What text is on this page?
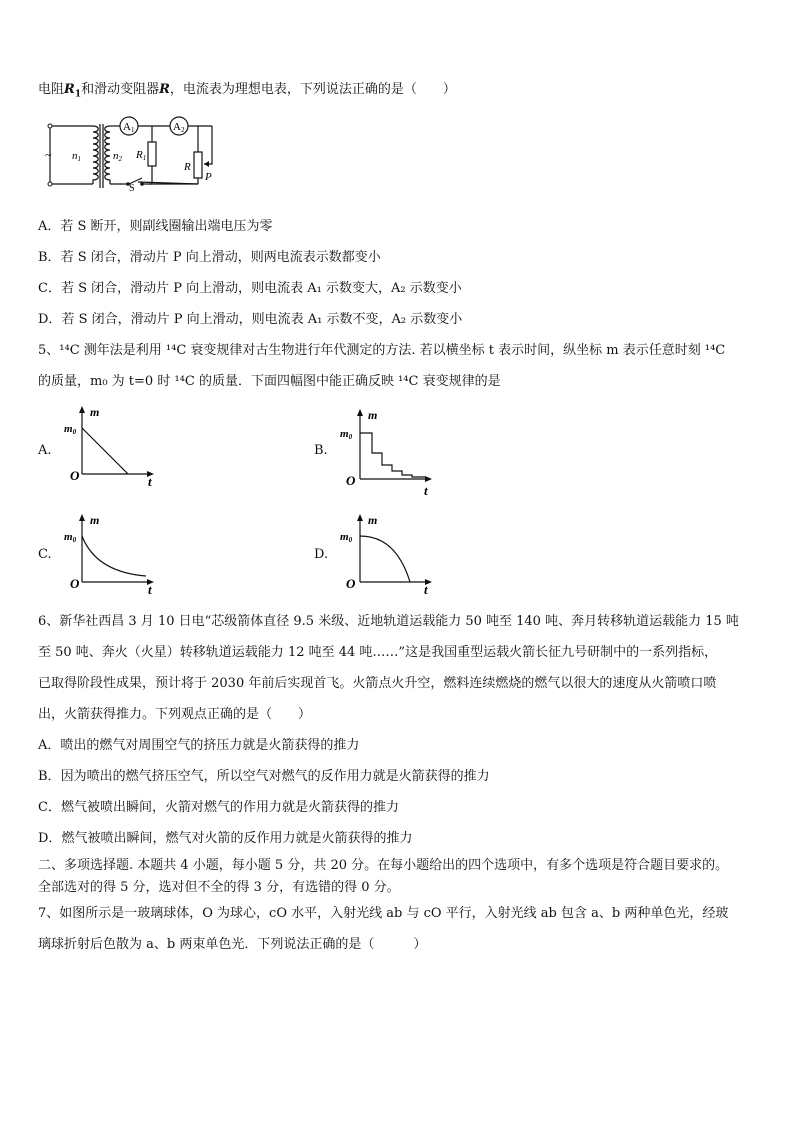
电阻$R_1$和滑动变阻器R，电流表为理想电表，下列说法正确的是（　　）
A1	A2
~ n1	n2 R1
R
P
S
A．若 S 断开，则副线圈输出端电压为零
B．若 S 闭合，滑动片 P 向上滑动，则两电流表示数都变小
C．若 S 闭合，滑动片 P 向上滑动，则电流表 A₁ 示数变大，A₂ 示数变小
D．若 S 闭合，滑动片 P 向上滑动，则电流表 A₁ 示数不变，A₂ 示数变小
5、¹⁴C 测年法是利用 ¹⁴C 衰变规律对古生物进行年代测定的方法. 若以横坐标 t 表示时间，纵坐标 m 表示任意时刻 ¹⁴C
的质量，m₀ 为 t=0 时 ¹⁴C 的质量．下面四幅图中能正确反映 ¹⁴C 衰变规律的是
A.
m
m0
O	t
B.
m
m0
O
t
C.
m
m0
O	t
D.
m
m0
O	t
6、新华社西昌 3 月 10 日电“芯级箭体直径 9.5 米级、近地轨道运载能力 50 吨至 140 吨、奔月转移轨道运载能力 15 吨
至 50 吨、奔火（火星）转移轨道运载能力 12 吨至 44 吨……”这是我国重型运载火箭长征九号研制中的一系列指标，
已取得阶段性成果，预计将于 2030 年前后实现首飞。火箭点火升空，燃料连续燃烧的燃气以很大的速度从火箭喷口喷
出，火箭获得推力。下列观点正确的是（　　）
A．喷出的燃气对周围空气的挤压力就是火箭获得的推力
B．因为喷出的燃气挤压空气，所以空气对燃气的反作用力就是火箭获得的推力
C．燃气被喷出瞬间，火箭对燃气的作用力就是火箭获得的推力
D．燃气被喷出瞬间，燃气对火箭的反作用力就是火箭获得的推力
二、多项选择题. 本题共 4 小题，每小题 5 分，共 20 分。在每小题给出的四个选项中，有多个选项是符合题目要求的。
全部选对的得 5 分，选对但不全的得 3 分，有选错的得 0 分。
7、如图所示是一玻璃球体，O 为球心，cO 水平，入射光线 ab 与 cO 平行，入射光线 ab 包含 a、b 两种单色光，经玻
璃球折射后色散为 a、b 两束单色光．下列说法正确的是（　　　）
